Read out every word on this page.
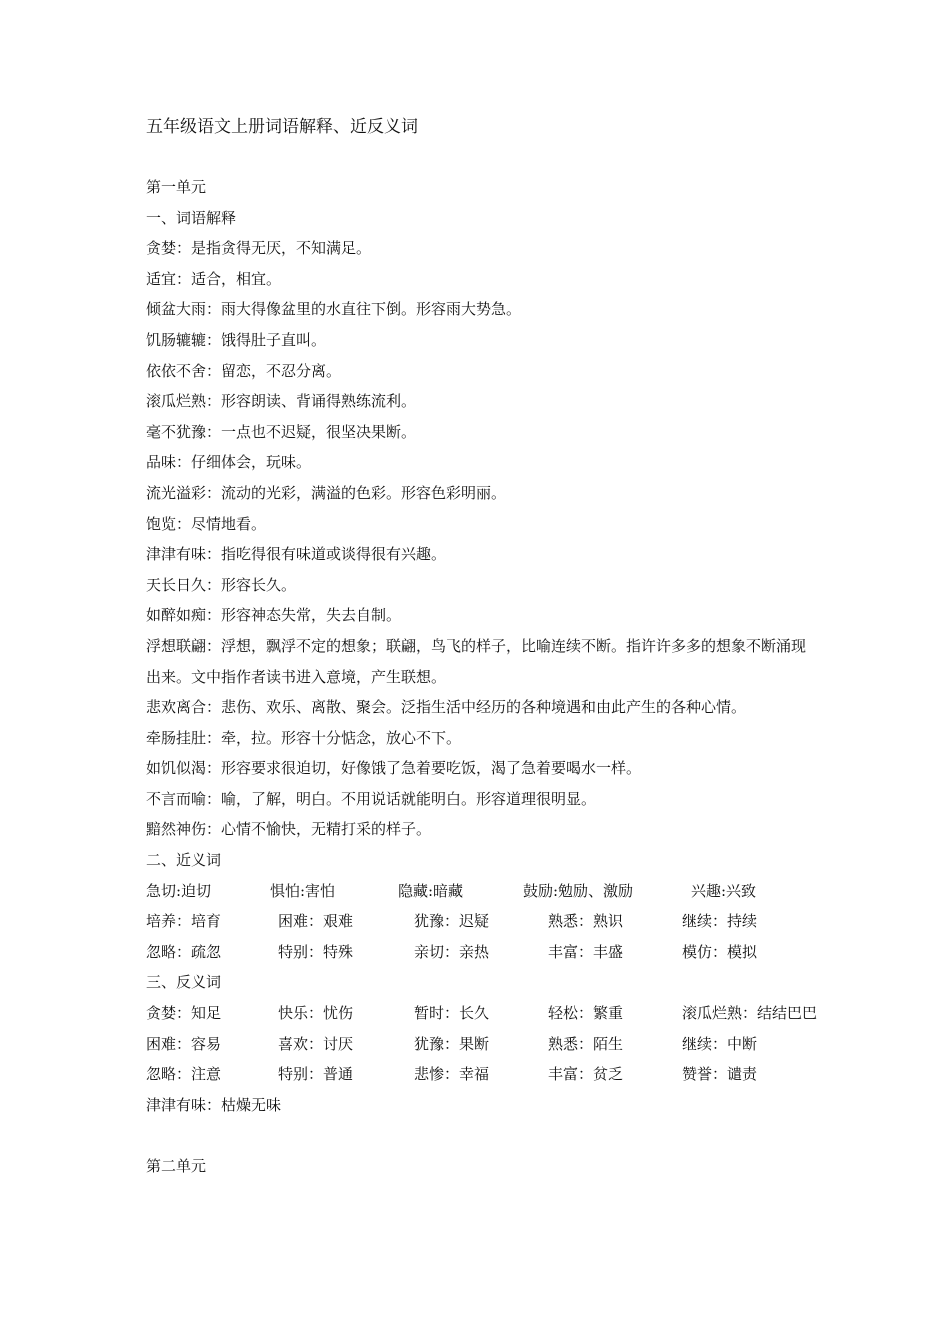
五年级语文上册词语解释、近反义词
第一单元
一、词语解释
贪婪：是指贪得无厌，不知满足。
适宜：适合，相宜。
倾盆大雨：雨大得像盆里的水直往下倒。形容雨大势急。
饥肠辘辘：饿得肚子直叫。
依依不舍：留恋，不忍分离。
滚瓜烂熟：形容朗读、背诵得熟练流利。
毫不犹豫：一点也不迟疑，很坚决果断。
品味：仔细体会，玩味。
流光溢彩：流动的光彩，满溢的色彩。形容色彩明丽。
饱览：尽情地看。
津津有味：指吃得很有味道或谈得很有兴趣。
天长日久：形容长久。
如醉如痴：形容神态失常，失去自制。
浮想联翩：浮想，飘浮不定的想象；联翩，鸟飞的样子，比喻连续不断。指许许多多的想象不断涌现出来。文中指作者读书进入意境，产生联想。
悲欢离合：悲伤、欢乐、离散、聚会。泛指生活中经历的各种境遇和由此产生的各种心情。
牵肠挂肚：牵，拉。形容十分惦念，放心不下。
如饥似渴：形容要求很迫切，好像饿了急着要吃饭，渴了急着要喝水一样。
不言而喻：喻，了解，明白。不用说话就能明白。形容道理很明显。
黯然神伤：心情不愉快，无精打采的样子。
二、近义词
急切:迫切	惧怕:害怕	隐藏:暗藏	鼓励:勉励、激励	兴趣:兴致
培养：培育	困难：艰难	犹豫：迟疑	熟悉：熟识	继续：持续
忽略：疏忽	特别：特殊	亲切：亲热	丰富：丰盛	模仿：模拟
三、反义词
贪婪：知足	快乐：忧伤	暂时：长久	轻松：繁重	滚瓜烂熟：结结巴巴
困难：容易	喜欢：讨厌	犹豫：果断	熟悉：陌生	继续：中断
忽略：注意	特别：普通	悲惨：幸福	丰富：贫乏	赞誉：谴责
津津有味：枯燥无味
第二单元
